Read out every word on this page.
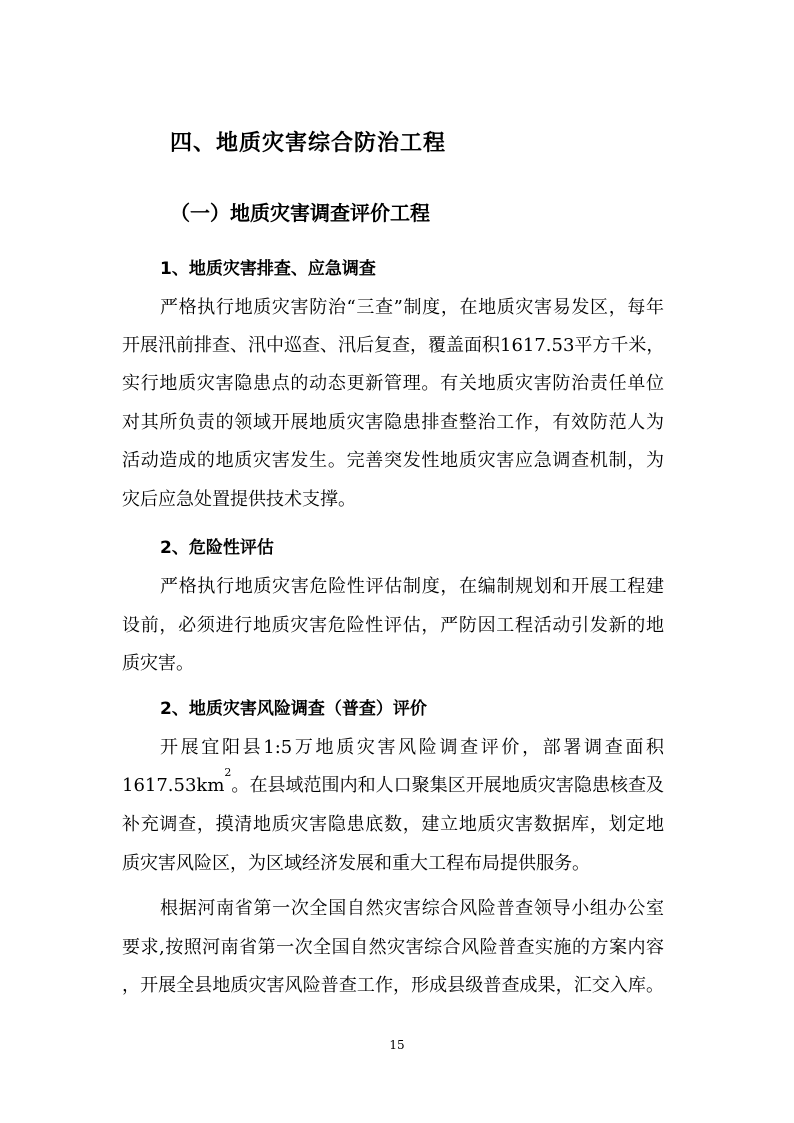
四、地质灾害综合防治工程
（一）地质灾害调查评价工程
1、地质灾害排查、应急调查
严格执行地质灾害防治“三查”制度，在地质灾害易发区，每年
开展汛前排查、汛中巡查、汛后复查，覆盖面积1617.53平方千米，
实行地质灾害隐患点的动态更新管理。有关地质灾害防治责任单位
对其所负责的领域开展地质灾害隐患排查整治工作，有效防范人为
活动造成的地质灾害发生。完善突发性地质灾害应急调查机制，为
灾后应急处置提供技术支撑。
2、危险性评估
严格执行地质灾害危险性评估制度，在编制规划和开展工程建
设前，必须进行地质灾害危险性评估，严防因工程活动引发新的地
质灾害。
2、地质灾害风险调查（普查）评价
开展宜阳县1:5万地质灾害风险调查评价，部署调查面积
1617.53km
2
。在县域范围内和人口聚集区开展地质灾害隐患核查及
补充调查，摸清地质灾害隐患底数，建立地质灾害数据库，划定地
质灾害风险区，为区域经济发展和重大工程布局提供服务。
根据河南省第一次全国自然灾害综合风险普查领导小组办公室
要求,按照河南省第一次全国自然灾害综合风险普查实施的方案内容
，开展全县地质灾害风险普查工作，形成县级普查成果，汇交入库。
15
